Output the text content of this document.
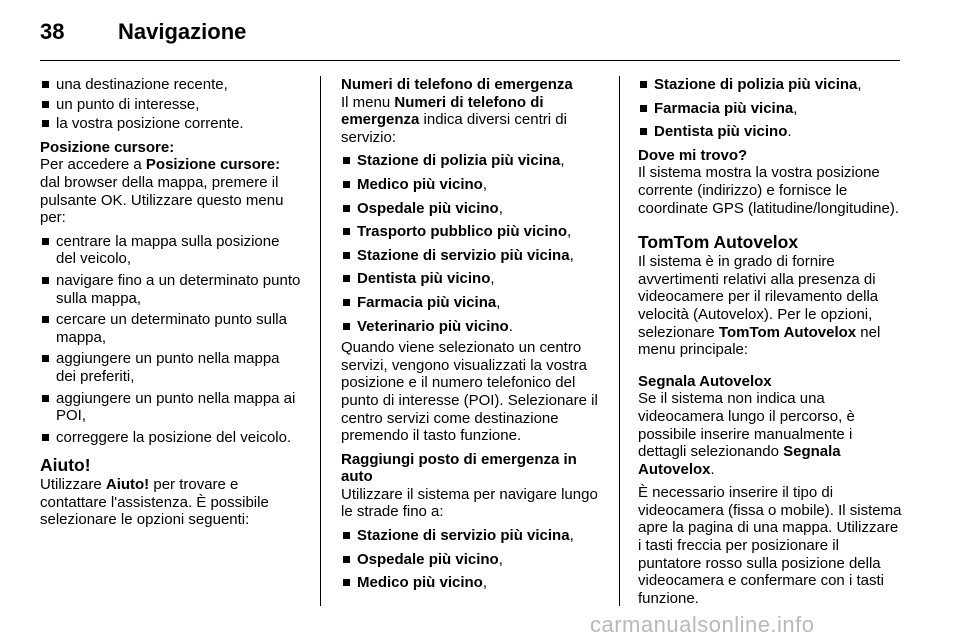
38 Navigazione
una destinazione recente,
un punto di interesse,
la vostra posizione corrente.

Posizione cursore:

Per accedere a Posizione cursore: dal browser della mappa, premere il pulsante OK. Utilizzare questo menu per:

centrare la mappa sulla posizione del veicolo,
navigare fino a un determinato punto sulla mappa,
cercare un determinato punto sulla mappa,
aggiungere un punto nella mappa dei preferiti,
aggiungere un punto nella mappa ai POI,
correggere la posizione del veicolo.

Aiuto!

Utilizzare Aiuto! per trovare e contattare l'assistenza. È possibile selezionare le opzioni seguenti:

Numeri di telefono di emergenza

Il menu Numeri di telefono di emergenza indica diversi centri di servizio:

Stazione di polizia più vicina,
Medico più vicino,
Ospedale più vicino,
Trasporto pubblico più vicino,
Stazione di servizio più vicina,
Dentista più vicino,
Farmacia più vicina,
Veterinario più vicino.

Quando viene selezionato un centro servizi, vengono visualizzati la vostra posizione e il numero telefonico del punto di interesse (POI). Selezionare il centro servizi come destinazione premendo il tasto funzione.

Raggiungi posto di emergenza in auto

Utilizzare il sistema per navigare lungo le strade fino a:

Stazione di servizio più vicina,
Ospedale più vicino,
Medico più vicino,
Stazione di polizia più vicina,
Farmacia più vicina,
Dentista più vicino.

Dove mi trovo?

Il sistema mostra la vostra posizione corrente (indirizzo) e fornisce le coordinate GPS (latitudine/longitudine).

TomTom Autovelox

Il sistema è in grado di fornire avvertimenti relativi alla presenza di videocamere per il rilevamento della velocità (Autovelox). Per le opzioni, selezionare TomTom Autovelox nel menu principale:

Segnala Autovelox

Se il sistema non indica una videocamera lungo il percorso, è possibile inserire manualmente i dettagli selezionando Segnala Autovelox.

È necessario inserire il tipo di videocamera (fissa o mobile). Il sistema apre la pagina di una mappa. Utilizzare i tasti freccia per posizionare il puntatore rosso sulla posizione della videocamera e confermare con i tasti funzione.

carmanualsonline.info
